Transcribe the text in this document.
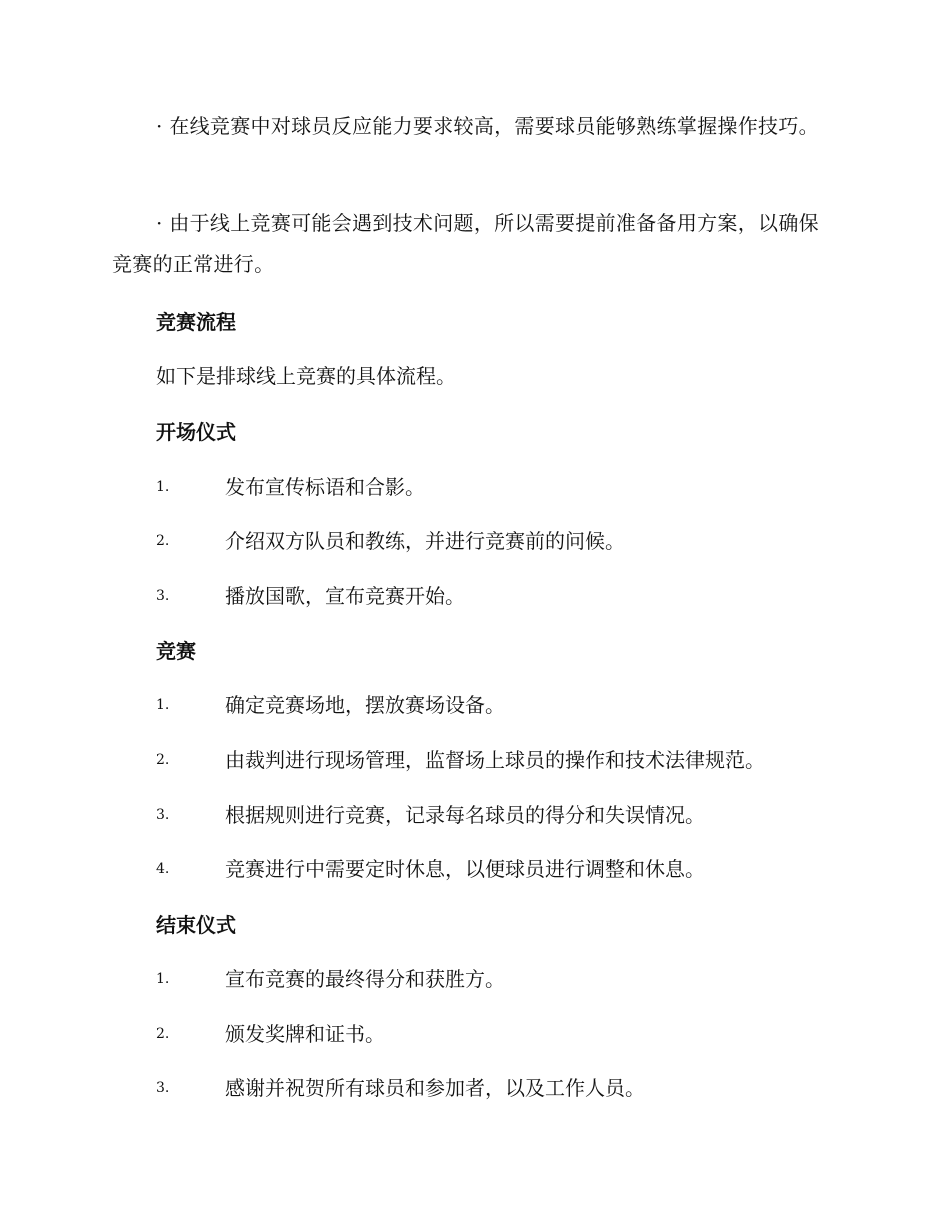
· 在线竞赛中对球员反应能力要求较高，需要球员能够熟练掌握操作技巧。

· 由于线上竞赛可能会遇到技术问题，所以需要提前准备备用方案，以确保竞赛的正常进行。

竞赛流程

如下是排球线上竞赛的具体流程。

开场仪式
1.	发布宣传标语和合影。
2.	介绍双方队员和教练，并进行竞赛前的问候。
3.	播放国歌，宣布竞赛开始。
竞赛
1.	确定竞赛场地，摆放赛场设备。
2.	由裁判进行现场管理，监督场上球员的操作和技术法律规范。
3.	根据规则进行竞赛，记录每名球员的得分和失误情况。
4.	竞赛进行中需要定时休息，以便球员进行调整和休息。
结束仪式
1.	宣布竞赛的最终得分和获胜方。
2.	颁发奖牌和证书。
3.	感谢并祝贺所有球员和参加者，以及工作人员。
